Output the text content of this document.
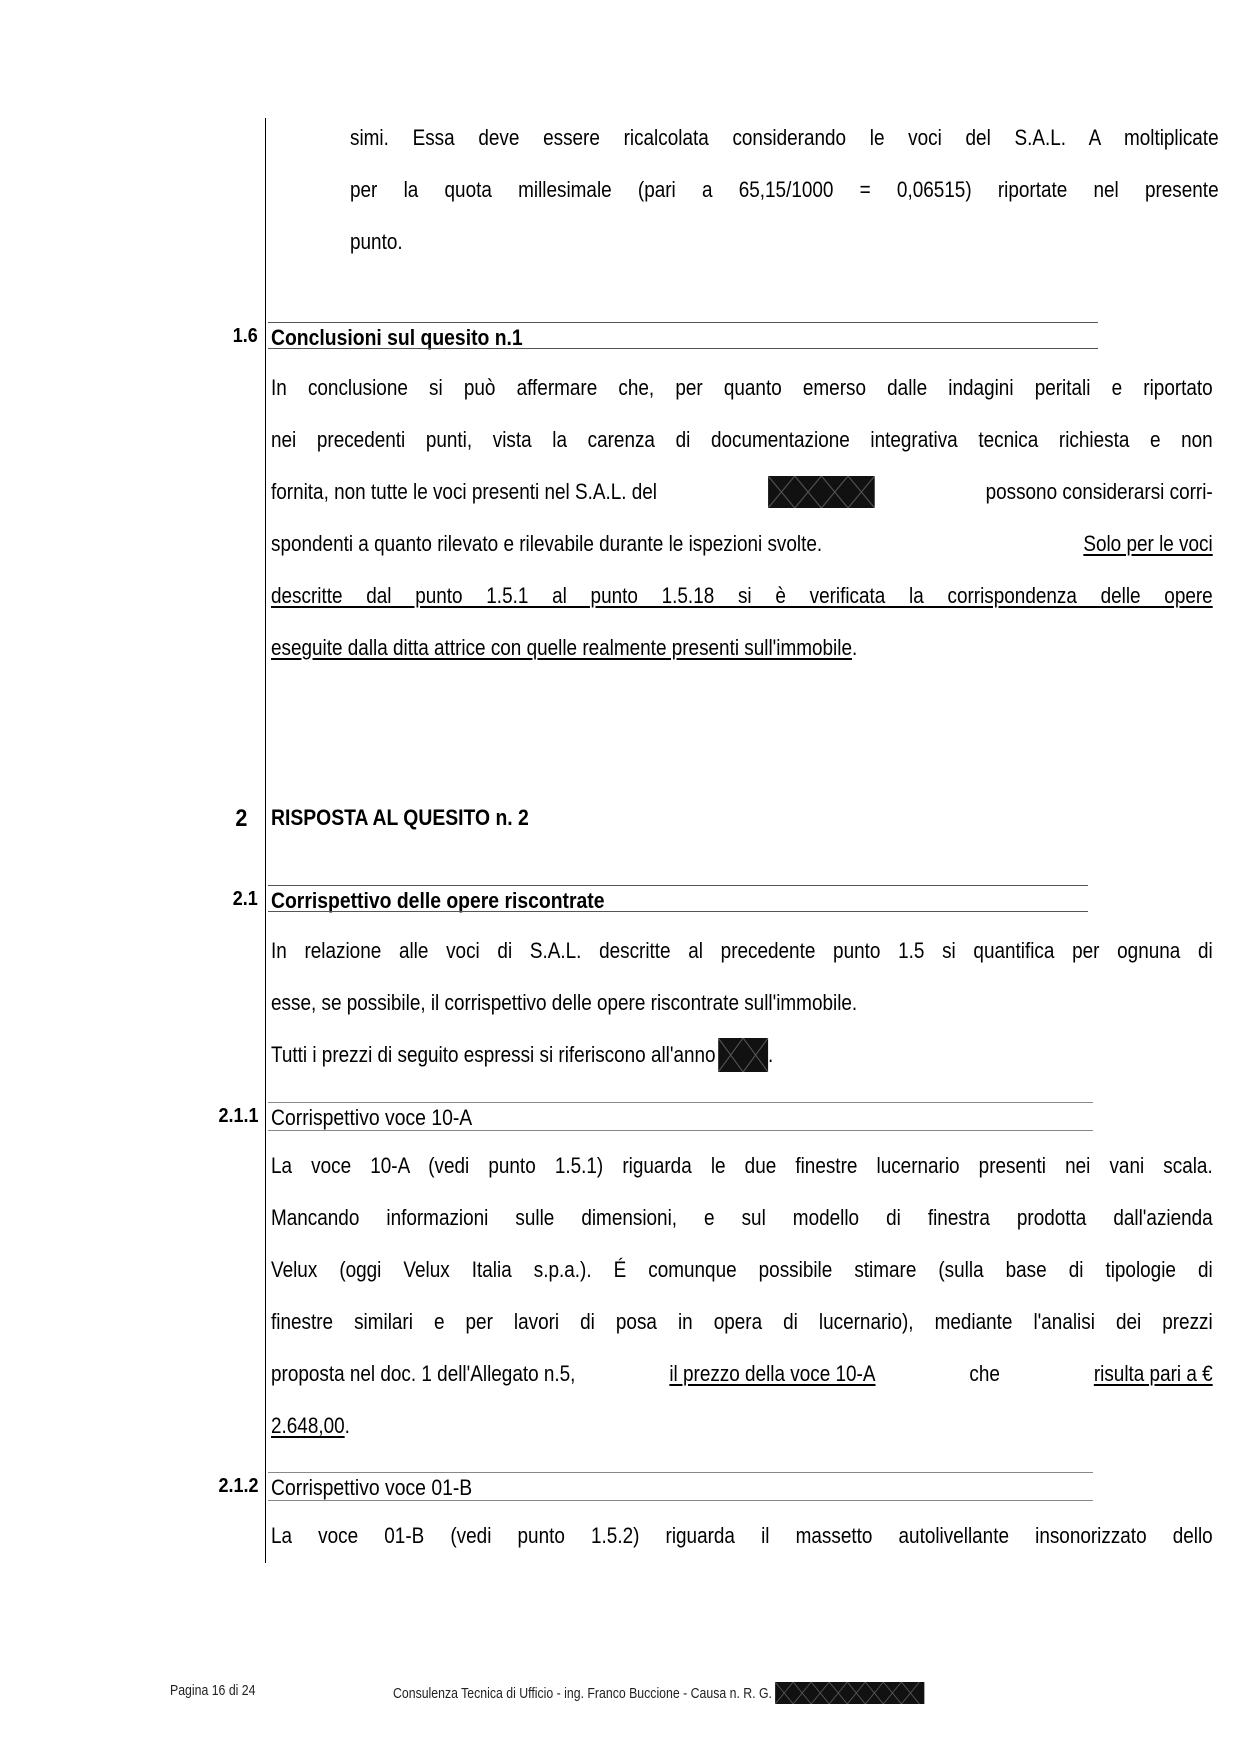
simi. Essa deve essere ricalcolata considerando le voci del S.A.L. A moltiplicate
per la quota millesimale (pari a 65,15/1000 = 0,06515) riportate nel presente
punto.
1.6 Conclusioni sul quesito n.1
In conclusione si può affermare che, per quanto emerso dalle indagini peritali e riportato
nei precedenti punti, vista la carenza di documentazione integrativa tecnica richiesta e non
fornita, non tutte le voci presenti nel S.A.L. del	possono considerarsi corri-
spondenti a quanto rilevato e rilevabile durante le ispezioni svolte.	Solo per le voci
descritte dal punto 1.5.1 al punto 1.5.18 si è verificata la corrispondenza delle opere
eseguite dalla ditta attrice con quelle realmente presenti sull'immobile.
2 RISPOSTA AL QUESITO n. 2
2.1 Corrispettivo delle opere riscontrate
In relazione alle voci di S.A.L. descritte al precedente punto 1.5 si quantifica per ognuna di
esse, se possibile, il corrispettivo delle opere riscontrate sull'immobile.
Tutti i prezzi di seguito espressi si riferiscono all'anno .
2.1.1 Corrispettivo voce 10-A
La voce 10-A (vedi punto 1.5.1) riguarda le due finestre lucernario presenti nei vani scala.
Mancando informazioni sulle dimensioni, e sul modello di finestra prodotta dall'azienda
Velux (oggi Velux Italia s.p.a.). É comunque possibile stimare (sulla base di tipologie di
finestre similari e per lavori di posa in opera di lucernario), mediante l'analisi dei prezzi
proposta nel doc. 1 dell'Allegato n.5,	il prezzo della voce 10-A	che	risulta pari a €
2.648,00.
2.1.2 Corrispettivo voce 01-B
La voce 01-B (vedi punto 1.5.2) riguarda il massetto autolivellante insonorizzato dello
Pagina 16 di 24	Consulenza Tecnica di Ufficio - ing. Franco Buccione - Causa n. R. G.
